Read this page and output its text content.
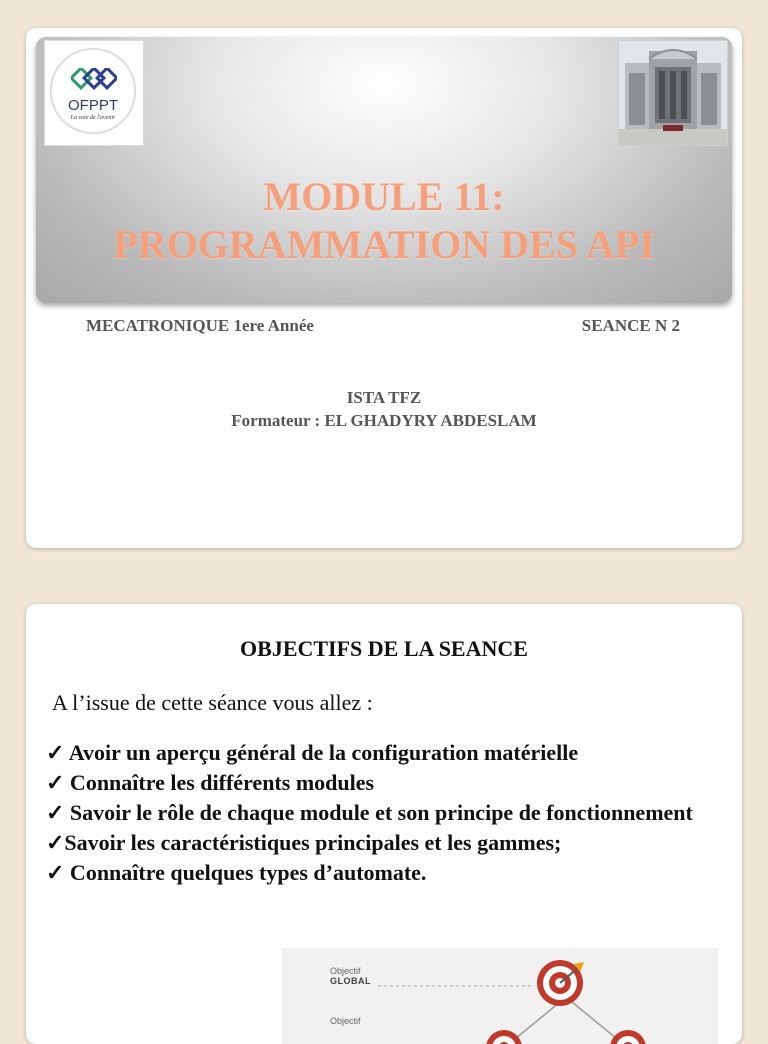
OFPPT
La voie de l'avenir
MODULE 11:
PROGRAMMATION DES API
MECATRONIQUE 1ere Année	SEANCE N 2
ISTA TFZ
Formateur : EL GHADYRY ABDESLAM
OBJECTIFS DE LA SEANCE
A l’issue de cette séance vous allez :
✓ Avoir un aperçu général de la configuration matérielle
✓ Connaître les différents modules
✓ Savoir le rôle de chaque module et son principe de fonctionnement
✓Savoir les caractéristiques principales et les gammes;
✓ Connaître quelques types d’automate.
Objectif
GLOBAL
Objectif
